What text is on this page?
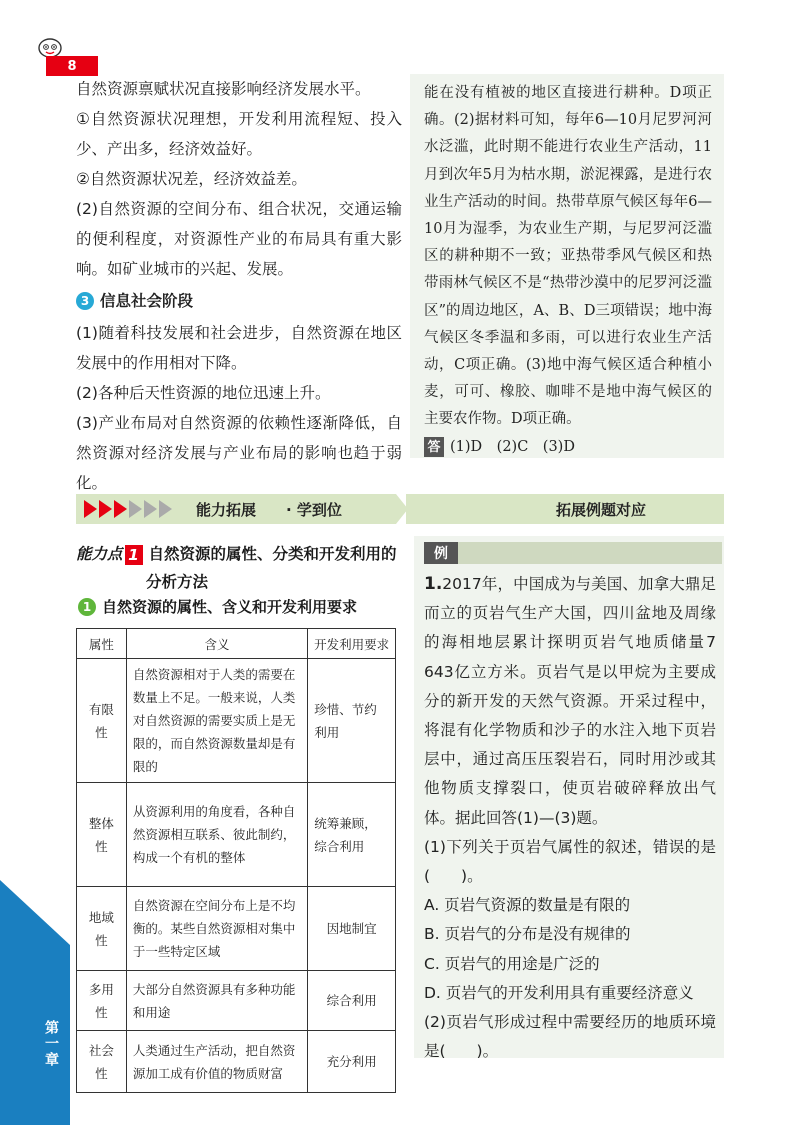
8
第一章

自然资源禀赋状况直接影响经济发展水平。

①自然资源状况理想，开发利用流程短、投入少、产出多，经济效益好。

②自然资源状况差，经济效益差。

(2)自然资源的空间分布、组合状况，交通运输的便利程度，对资源性产业的布局具有重大影响。如矿业城市的兴起、发展。

3 信息社会阶段

(1)随着科技发展和社会进步，自然资源在地区发展中的作用相对下降。

(2)各种后天性资源的地位迅速上升。

(3)产业布局对自然资源的依赖性逐渐降低，自然资源对经济发展与产业布局的影响也趋于弱化。

能在没有植被的地区直接进行耕种。D项正确。(2)据材料可知，每年6—10月尼罗河河水泛滥，此时期不能进行农业生产活动，11月到次年5月为枯水期，淤泥裸露，是进行农业生产活动的时间。热带草原气候区每年6—10月为湿季，为农业生产期，与尼罗河泛滥区的耕种期不一致；亚热带季风气候区和热带雨林气候区不是“热带沙漠中的尼罗河泛滥区”的周边地区，A、B、D三项错误；地中海气候区冬季温和多雨，可以进行农业生产活动，C项正确。(3)地中海气候区适合种植小麦，可可、橡胶、咖啡不是地中海气候区的主要农作物。D项正确。

答 (1)D　(2)C　(3)D
能力拓展 · 学到位	拓展例题对应
能力点 1 自然资源的属性、分类和开发利用的
分析方法
1 自然资源的属性、含义和开发利用要求
属性	含义	开发利用要求
有限性	自然资源相对于人类的需要在数量上不足。一般来说，人类对自然资源的需要实质上是无限的，而自然资源数量却是有限的	珍惜、节约利用
整体性	从资源利用的角度看，各种自然资源相互联系、彼此制约，构成一个有机的整体	统筹兼顾，综合利用
地域性	自然资源在空间分布上是不均衡的。某些自然资源相对集中于一些特定区域	因地制宜
多用性	大部分自然资源具有多种功能和用途	综合利用
社会性	人类通过生产活动，把自然资源加工成有价值的物质财富	充分利用
例

1.2017年，中国成为与美国、加拿大鼎足而立的页岩气生产大国，四川盆地及周缘的海相地层累计探明页岩气地质储量7 643亿立方米。页岩气是以甲烷为主要成分的新开发的天然气资源。开采过程中，将混有化学物质和沙子的水注入地下页岩层中，通过高压压裂岩石，同时用沙或其他物质支撑裂口，使页岩破碎释放出气体。据此回答(1)—(3)题。

(1)下列关于页岩气属性的叙述，错误的是(　　)。

A. 页岩气资源的数量是有限的

B. 页岩气的分布是没有规律的

C. 页岩气的用途是广泛的

D. 页岩气的开发利用具有重要经济意义

(2)页岩气形成过程中需要经历的地质环境是(　　)。
